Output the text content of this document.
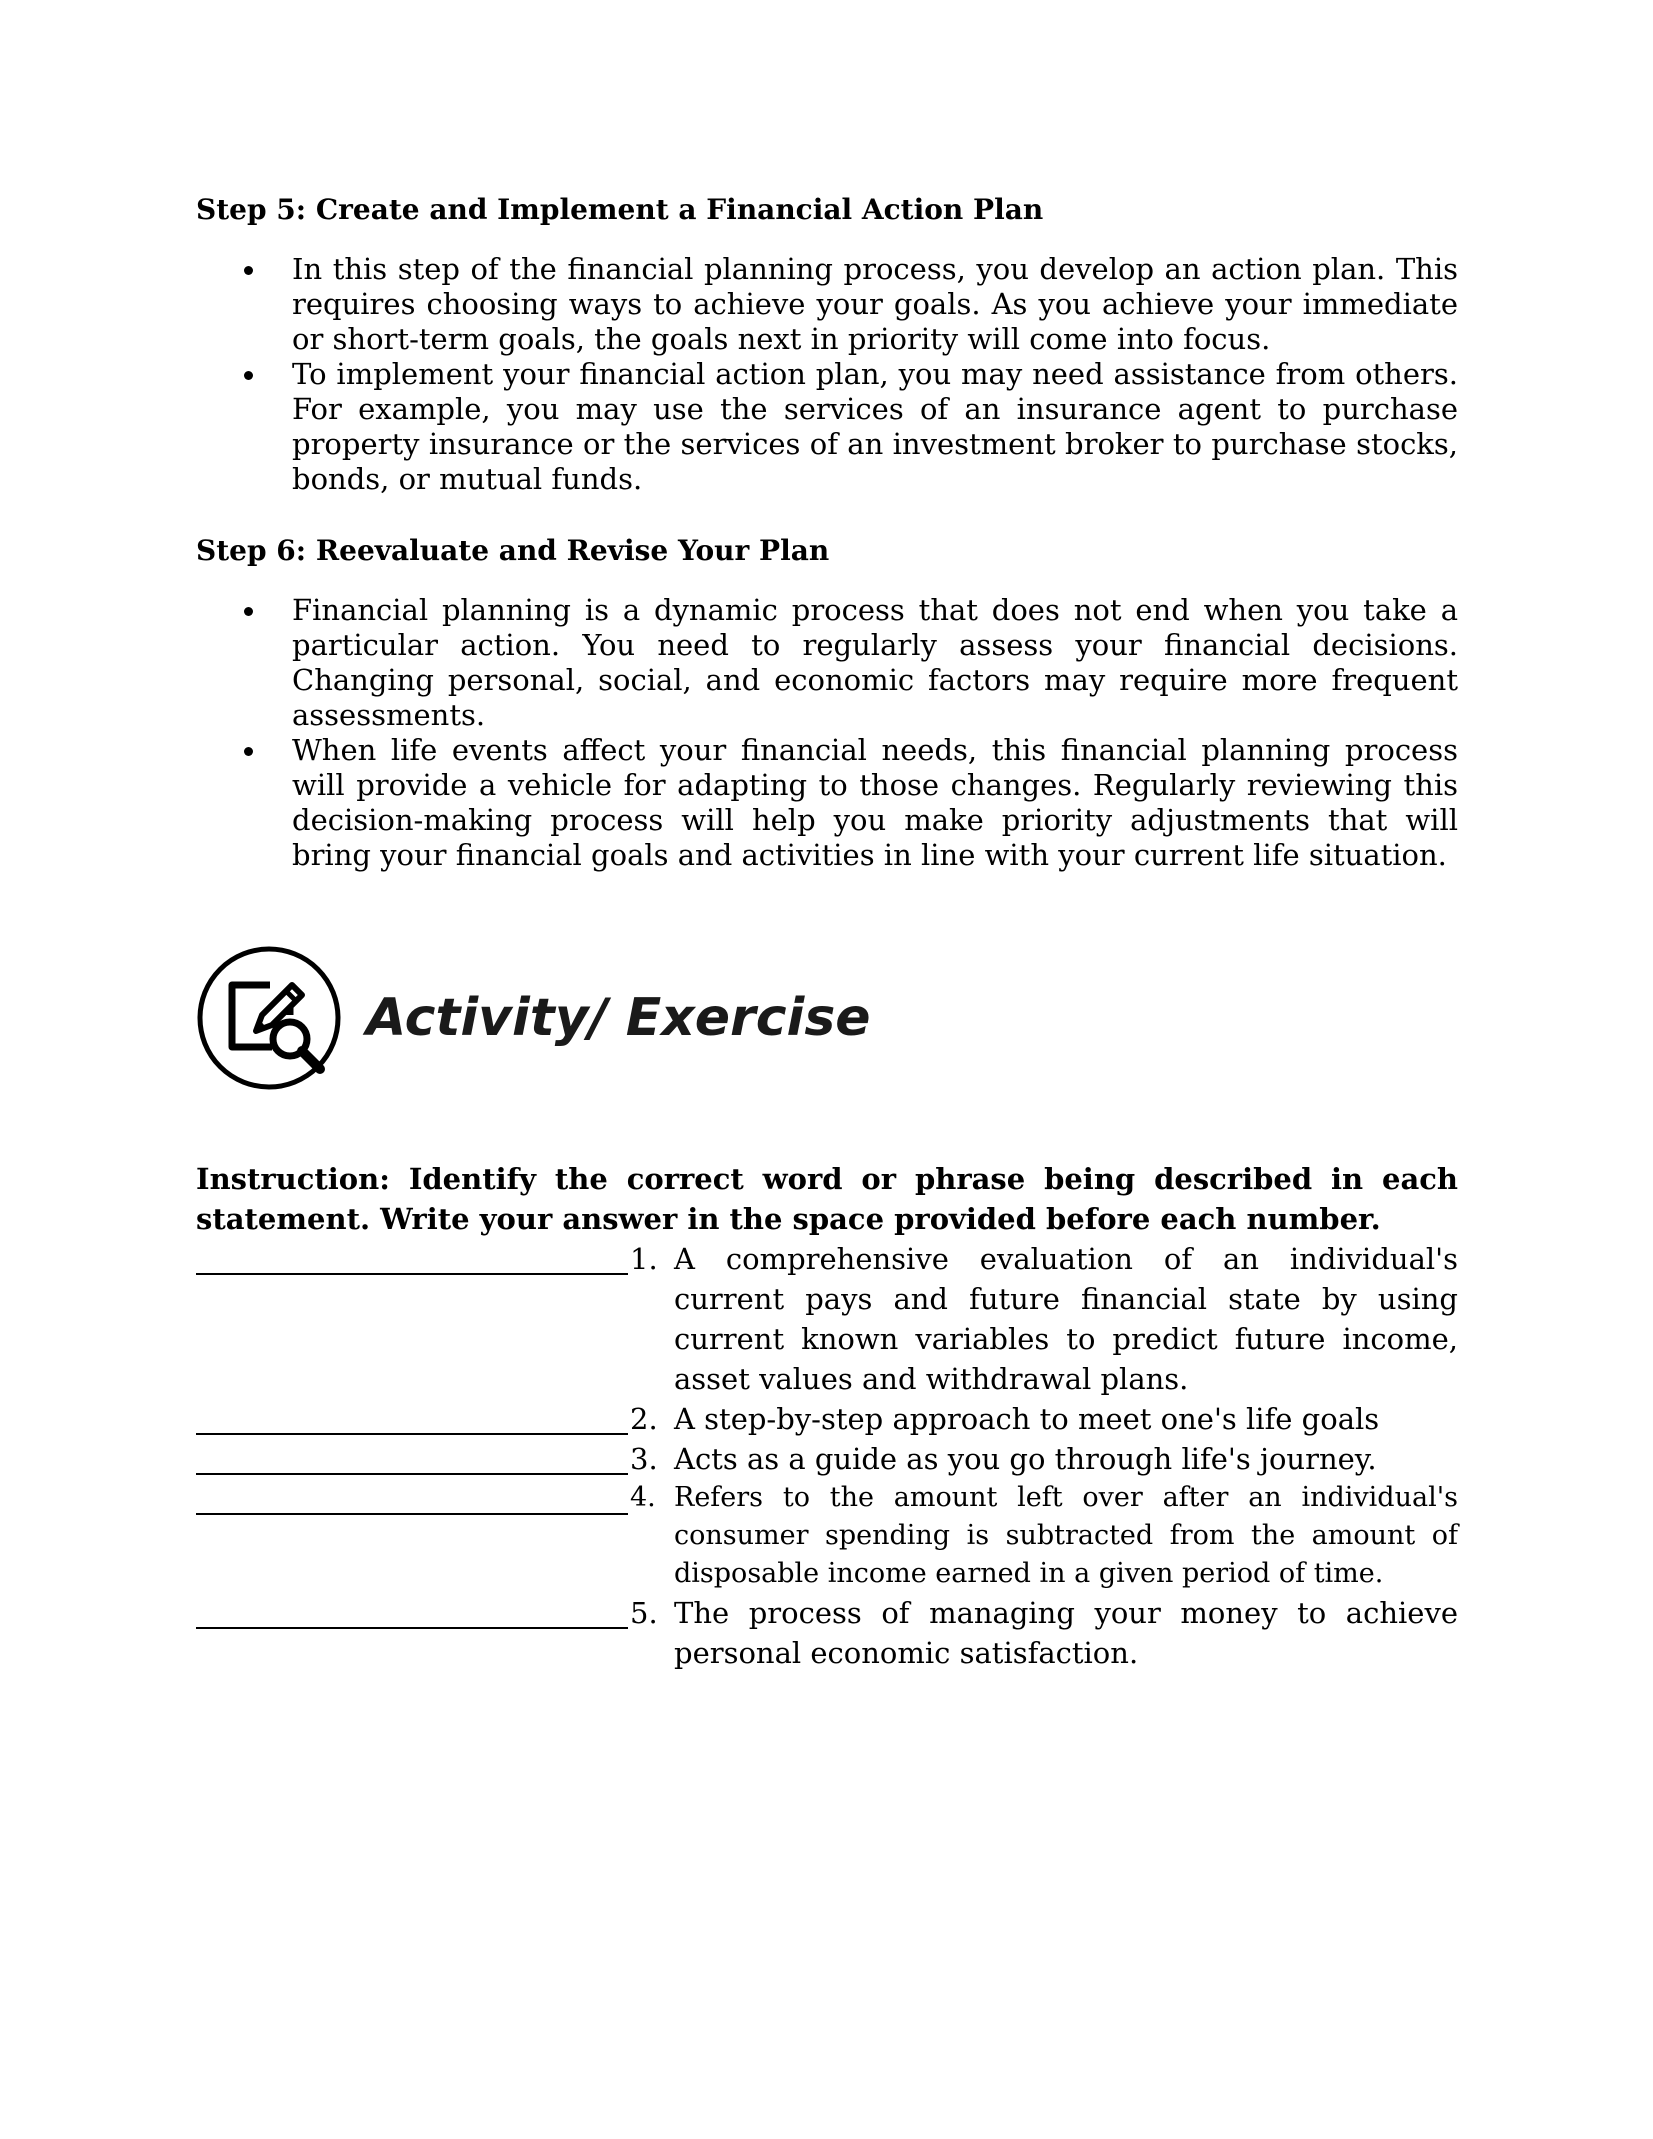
Step 5: Create and Implement a Financial Action Plan
In this step of the financial planning process, you develop an action plan. This requires choosing ways to achieve your goals. As you achieve your immediate or short-term goals, the goals next in priority will come into focus.
To implement your financial action plan, you may need assistance from others. For example, you may use the services of an insurance agent to purchase property insurance or the services of an investment broker to purchase stocks, bonds, or mutual funds.
Step 6: Reevaluate and Revise Your Plan
Financial planning is a dynamic process that does not end when you take a particular action. You need to regularly assess your financial decisions. Changing personal, social, and economic factors may require more frequent assessments.
When life events affect your financial needs, this financial planning process will provide a vehicle for adapting to those changes. Regularly reviewing this decision-making process will help you make priority adjustments that will bring your financial goals and activities in line with your current life situation.
Activity/ Exercise
Instruction: Identify the correct word or phrase being described in each statement. Write your answer in the space provided before each number.
1. A comprehensive evaluation of an individual's current pays and future financial state by using current known variables to predict future income, asset values and withdrawal plans.
2. A step-by-step approach to meet one's life goals
3. Acts as a guide as you go through life's journey.
4. Refers to the amount left over after an individual's consumer spending is subtracted from the amount of disposable income earned in a given period of time.
5. The process of managing your money to achieve personal economic satisfaction.
